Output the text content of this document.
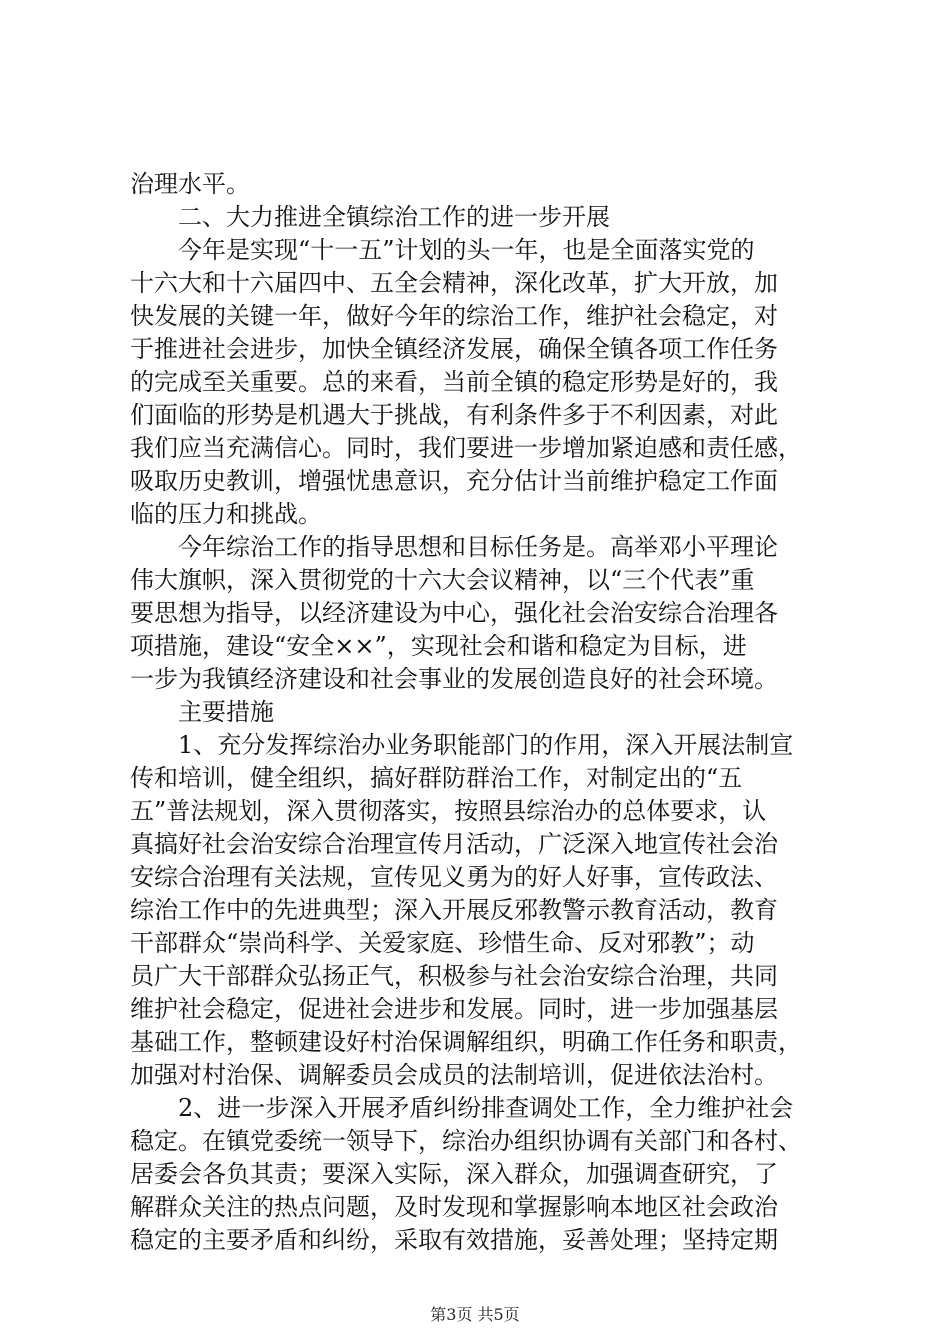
治理水平。
二、大力推进全镇综治工作的进一步开展
今年是实现“十一五”计划的头一年，也是全面落实党的
十六大和十六届四中、五全会精神，深化改革，扩大开放，加
快发展的关键一年，做好今年的综治工作，维护社会稳定，对
于推进社会进步，加快全镇经济发展，确保全镇各项工作任务
的完成至关重要。总的来看，当前全镇的稳定形势是好的，我
们面临的形势是机遇大于挑战，有利条件多于不利因素，对此
我们应当充满信心。同时，我们要进一步增加紧迫感和责任感，
吸取历史教训，增强忧患意识，充分估计当前维护稳定工作面
临的压力和挑战。
今年综治工作的指导思想和目标任务是。高举邓小平理论
伟大旗帜，深入贯彻党的十六大会议精神，以“三个代表”重
要思想为指导，以经济建设为中心，强化社会治安综合治理各
项措施，建设“安全××”，实现社会和谐和稳定为目标，进
一步为我镇经济建设和社会事业的发展创造良好的社会环境。
主要措施
1、充分发挥综治办业务职能部门的作用，深入开展法制宣
传和培训，健全组织，搞好群防群治工作，对制定出的“五
五”普法规划，深入贯彻落实，按照县综治办的总体要求，认
真搞好社会治安综合治理宣传月活动，广泛深入地宣传社会治
安综合治理有关法规，宣传见义勇为的好人好事，宣传政法、
综治工作中的先进典型；深入开展反邪教警示教育活动，教育
干部群众“崇尚科学、关爱家庭、珍惜生命、反对邪教”；动
员广大干部群众弘扬正气，积极参与社会治安综合治理，共同
维护社会稳定，促进社会进步和发展。同时，进一步加强基层
基础工作，整顿建设好村治保调解组织，明确工作任务和职责，
加强对村治保、调解委员会成员的法制培训，促进依法治村。
2、进一步深入开展矛盾纠纷排查调处工作，全力维护社会
稳定。在镇党委统一领导下，综治办组织协调有关部门和各村、
居委会各负其责；要深入实际，深入群众，加强调查研究，了
解群众关注的热点问题，及时发现和掌握影响本地区社会政治
稳定的主要矛盾和纠纷，采取有效措施，妥善处理；坚持定期
第3页 共5页
